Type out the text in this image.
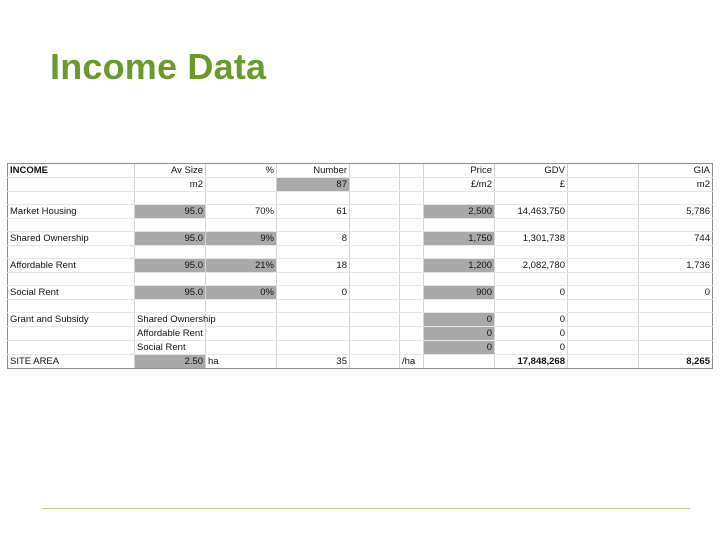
Income Data
INCOME	Av Size	%	Number			Price	GDV		GIA
	m2		87			£/m2	£		m2

Market Housing	95.0	70%	61			2,500	14,463,750		5,786

Shared Ownership	95.0	9%	8			1,750	1,301,738		744

Affordable Rent	95.0	21%	18			1,200	2,082,780		1,736

Social Rent	95.0	0%	0			900	0		0

Grant and Subsidy	Shared Ownership					0	0		
	Affordable Rent					0	0		
	Social Rent					0	0		
SITE AREA	2.50	ha	35		/ha		17,848,268		8,265
